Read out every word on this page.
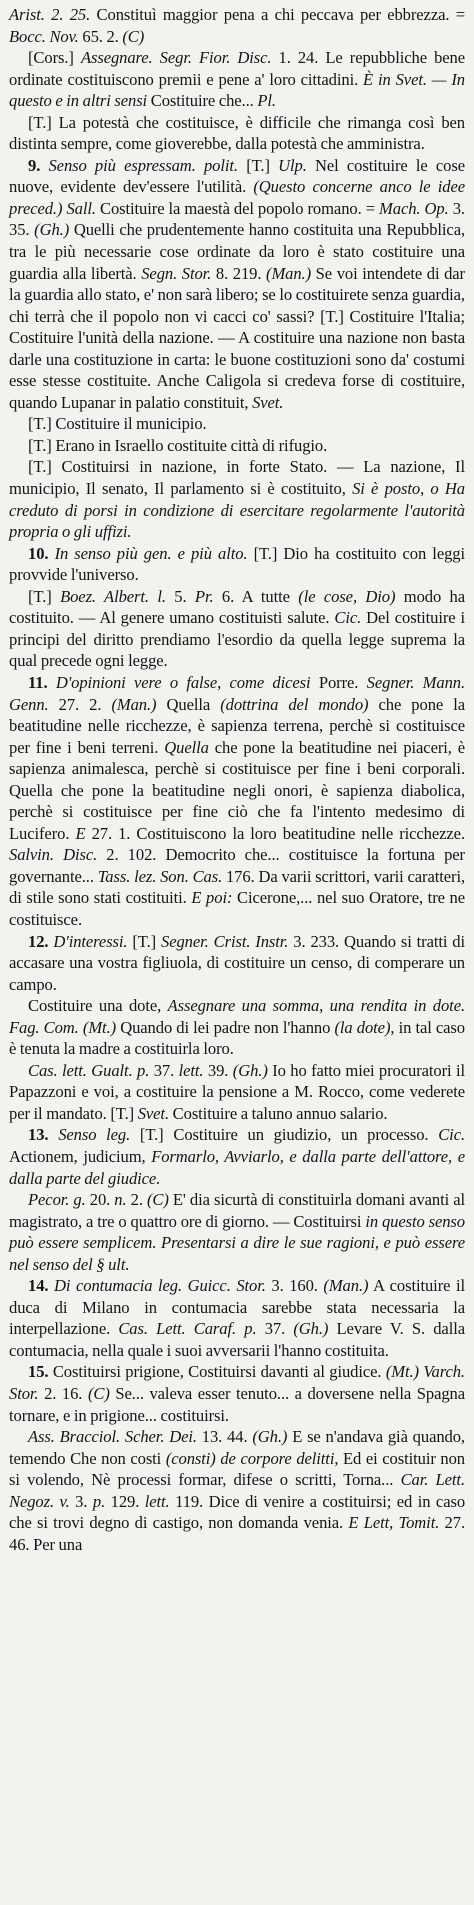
Arist. 2. 25. Constituì maggior pena a chi peccava per ebbrezza. = Bocc. Nov. 65. 2. (C)

[Cors.] Assegnare. Segr. Fior. Disc. 1. 24. Le repubbliche bene ordinate costituiscono premii e pene a' loro cittadini. È in Svet. — In questo e in altri sensi Costituire che... Pl.

[T.] La potestà che costituisce, è difficile che rimanga così ben distinta sempre, come gioverebbe, dalla potestà che amministra.

9. Senso più espressam. polit. [T.] Ulp. Nel costituire le cose nuove, evidente dev'essere l'utilità. (Questo concerne anco le idee preced.) Sall. Costituire la maestà del popolo romano. = Mach. Op. 3. 35. (Gh.) Quelli che prudentemente hanno costituita una Repubblica, tra le più necessarie cose ordinate da loro è stato costituire una guardia alla libertà. Segn. Stor. 8. 219. (Man.) Se voi intendete di dar la guardia allo stato, e' non sarà libero; se lo costituirete senza guardia, chi terrà che il popolo non vi cacci co' sassi? [T.] Costituire l'Italia; Costituire l'unità della nazione. — A costituire una nazione non basta darle una costituzione in carta: le buone costituzioni sono da' costumi esse stesse costituite. Anche Caligola si credeva forse di costituire, quando Lupanar in palatio constituit, Svet.

[T.] Costituire il municipio.

[T.] Erano in Israello costituite città di rifugio.

[T.] Costituirsi in nazione, in forte Stato. — La nazione, Il municipio, Il senato, Il parlamento si è costituito, Si è posto, o Ha creduto di porsi in condizione di esercitare regolarmente l'autorità propria o gli uffizi.

10. In senso più gen. e più alto. [T.] Dio ha costituito con leggi provvide l'universo.

[T.] Boez. Albert. l. 5. Pr. 6. A tutte (le cose, Dio) modo ha costituito. — Al genere umano costituisti salute. Cic. Del costituire i principi del diritto prendiamo l'esordio da quella legge suprema la qual precede ogni legge.

11. D'opinioni vere o false, come dicesi Porre. Segner. Mann. Genn. 27. 2. (Man.) Quella (dottrina del mondo) che pone la beatitudine nelle ricchezze, è sapienza terrena, perchè si costituisce per fine i beni terreni. Quella che pone la beatitudine nei piaceri, è sapienza animalesca, perchè si costituisce per fine i beni corporali. Quella che pone la beatitudine negli onori, è sapienza diabolica, perchè si costituisce per fine ciò che fa l'intento medesimo di Lucifero. E 27. 1. Costituiscono la loro beatitudine nelle ricchezze. Salvin. Disc. 2. 102. Democrito che... costituisce la fortuna per governante... Tass. lez. Son. Cas. 176. Da varii scrittori, varii caratteri, di stile sono stati costituiti. E poi: Cicerone,... nel suo Oratore, tre ne costituisce.

12. D'interessi. [T.] Segner. Crist. Instr. 3. 233. Quando si tratti di accasare una vostra figliuola, di costituire un censo, di comperare un campo.

Costituire una dote, Assegnare una somma, una rendita in dote. Fag. Com. (Mt.) Quando di lei padre non l'hanno (la dote), in tal caso è tenuta la madre a costituirla loro.

Cas. lett. Gualt. p. 37. lett. 39. (Gh.) Io ho fatto miei procuratori il Papazzoni e voi, a costituire la pensione a M. Rocco, come vederete per il mandato. [T.] Svet. Costituire a taluno annuo salario.

13. Senso leg. [T.] Costituire un giudizio, un processo. Cic. Actionem, judicium, Formarlo, Avviarlo, e dalla parte dell'attore, e dalla parte del giudice.

Pecor. g. 20. n. 2. (C) E' dia sicurtà di constituirla domani avanti al magistrato, a tre o quattro ore di giorno. — Costituirsi in questo senso può essere semplicem. Presentarsi a dire le sue ragioni, e può essere nel senso del § ult.

14. Di contumacia leg. Guicc. Stor. 3. 160. (Man.) A costituire il duca di Milano in contumacia sarebbe stata necessaria la interpellazione. Cas. Lett. Caraf. p. 37. (Gh.) Levare V. S. dalla contumacia, nella quale i suoi avversarii l'hanno costituita.

15. Costituirsi prigione, Costituirsi davanti al giudice. (Mt.) Varch. Stor. 2. 16. (C) Se... valeva esser tenuto... a doversene nella Spagna tornare, e in prigione... costituirsi.

Ass. Bracciol. Scher. Dei. 13. 44. (Gh.) E se n'andava già quando, temendo Che non costi (consti) de corpore delitti, Ed ei costituir non si volendo, Nè processi formar, difese o scritti, Torna... Car. Lett. Negoz. v. 3. p. 129. lett. 119. Dice di venire a costituirsi; ed in caso che si trovi degno di castigo, non domanda venia. E Lett, Tomit. 27. 46. Per una
